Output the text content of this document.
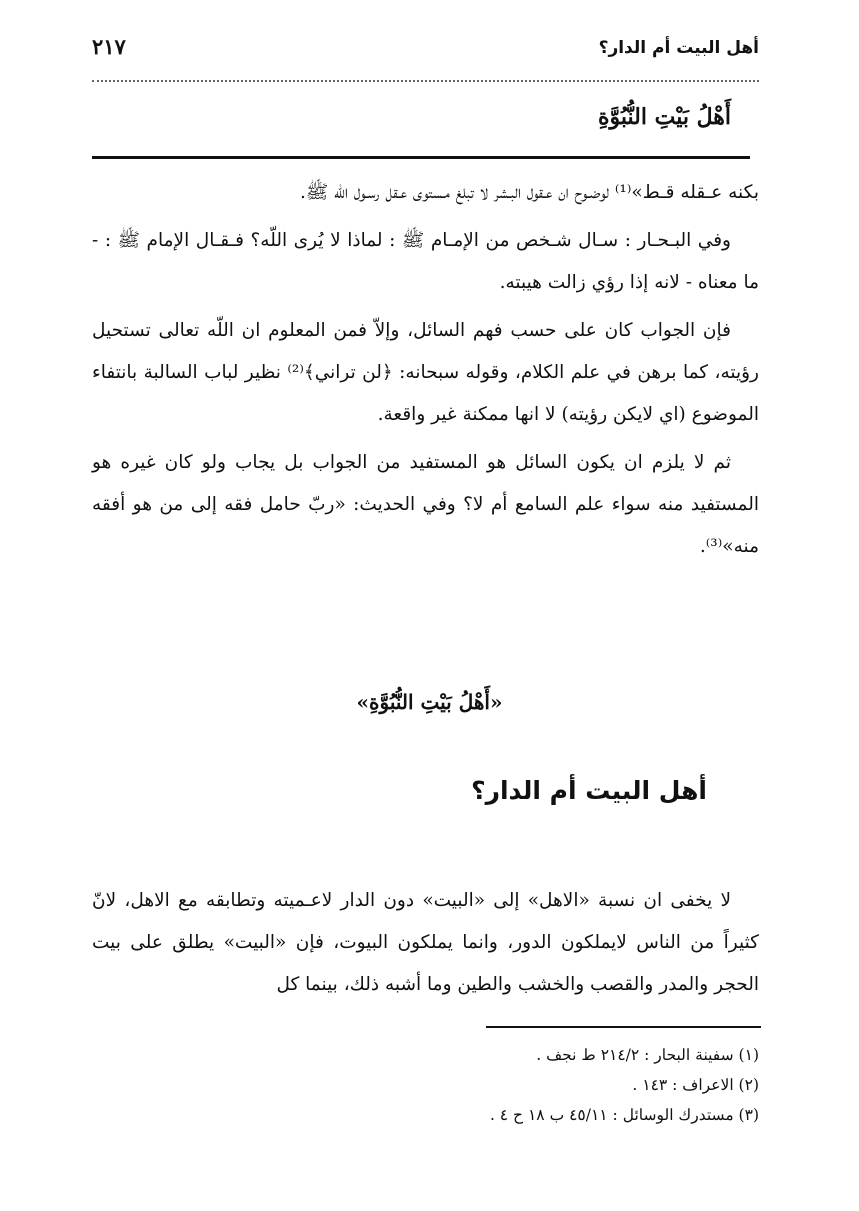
أهل البيت أم الدار؟
٢١٧
أَهْلُ بَيْتِ النُّبُوَّةِ

بكنه عـقله قـط»⁽¹⁾ لوضـوح ان عـقول البـشر لا تبلغ مـستوى عـقل رسـول اللّه ﷺ.

وفي البـحـار : سـال شـخص من الإمـام ﷺ : لماذا لا يُرى اللّه؟ فـقـال الإمام ﷺ : - ما معناه - لانه إذا رؤي زالت هيبته.

فإن الجواب كان على حسب فهم السائل، وإلاّ فمن المعلوم ان اللّه تعالى تستحيل رؤيته، كما برهن في علم الكلام، وقوله سبحانه: ﴿لن تراني﴾⁽²⁾ نظير لباب السالبة بانتفاء الموضوع (اي لايكن رؤيته) لا انها ممكنة غير واقعة.

ثم لا يلزم ان يكون السائل هو المستفيد من الجواب بل يجاب ولو كان غيره هو المستفيد منه سواء علم السامع أم لا؟ وفي الحديث: «ربّ حامل فقه إلى من هو أفقه منه»⁽³⁾.

«أَهْلُ بَيْتِ النُّبُوَّةِ»
أهل البيت أم الدار؟

لا يخفى ان نسبة «الاهل» إلى «البيت» دون الدار لاعـميته وتطابقه مع الاهل، لانّ كثيراً من الناس لايملكون الدور، وانما يملكون البيوت، فإن «البيت» يطلق على بيت الحجر والمدر والقصب والخشب والطين وما أشبه ذلك، بينما كل

(١) سفينة البحار : ٢١٤/٢ ط نجف .
(٢) الاعراف : ١٤٣ .
(٣) مستدرك الوسائل : ٤٥/١١ ب ١٨ ح ٤ .
